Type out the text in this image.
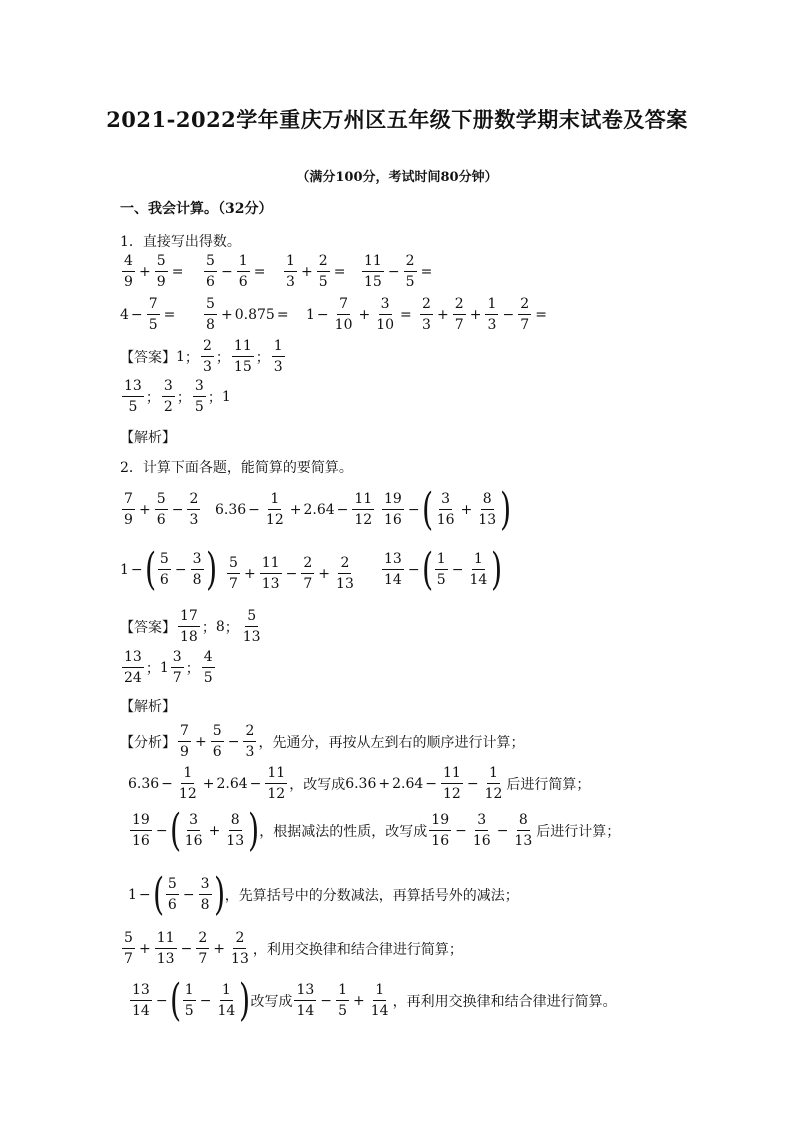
2021-2022学年重庆万州区五年级下册数学期末试卷及答案
（满分100分，考试时间80分钟）
一、我会计算。（32分）
1．直接写出得数。
$\frac{4}{9} + \frac{5}{9} = \frac{5}{6} - \frac{1}{6} = \frac{1}{3} + \frac{2}{5} = \frac{11}{15} - \frac{2}{5}$ =
$4 - \frac{7}{5} = \frac{5}{8} + 0.875 = 1 - \frac{7}{10} + \frac{3}{10} = \frac{2}{3} + \frac{2}{7} + \frac{1}{3} - \frac{2}{7}$ =
【答案】 1 ； $\frac{2}{3}$ ； $\frac{11}{15}$ ； $\frac{1}{3}$
$\frac{13}{5}$ ； $\frac{3}{2}$ ； $\frac{3}{5}$ ； 1
【解析】
2．计算下面各题，能简算的要简算。
$\frac{7}{9} + \frac{5}{6} - \frac{2}{3} 6.36 - \frac{1}{12} + 2.64 - \frac{11}{12} \frac{19}{16}$ − ( $\frac{3}{16} + \frac{8}{13}$ )
1 − ( $\frac{5}{6} - \frac{3}{8}$ ) $\frac{5}{7} + \frac{11}{13} - \frac{2}{7} + \frac{2}{13} \frac{13}{14}$ − ( $\frac{1}{5} - \frac{1}{14}$ )
【答案】 $\frac{17}{18}$ ； 8 ； $\frac{5}{13}$
$\frac{13}{24}$ ； $1 \frac{3}{7}$ ； $\frac{4}{5}$
【解析】
【分析】 $\frac{7}{9} + \frac{5}{6} - \frac{2}{3}$ ，先通分，再按从左到右的顺序进行计算；
$6.36 - \frac{1}{12} + 2.64 - \frac{11}{12}$ ，改写成 $6.36 + 2.64 - \frac{11}{12} - \frac{1}{12}$ 后进行简算；
$\frac{19}{16}$ − ( $\frac{3}{16} + \frac{8}{13}$ ) ，根据减法的性质，改写成 $\frac{19}{16} - \frac{3}{16} - \frac{8}{13}$ 后进行计算；
1 − ( $\frac{5}{6} - \frac{3}{8}$ ) ，先算括号中的分数减法，再算括号外的减法；
$\frac{5}{7} + \frac{11}{13} - \frac{2}{7} + \frac{2}{13}$ ，利用交换律和结合律进行简算；
$\frac{13}{14}$ − ( $\frac{1}{5} - \frac{1}{14}$ ) 改写成 $\frac{13}{14} - \frac{1}{5} + \frac{1}{14}$ ，再利用交换律和结合律进行简算。
